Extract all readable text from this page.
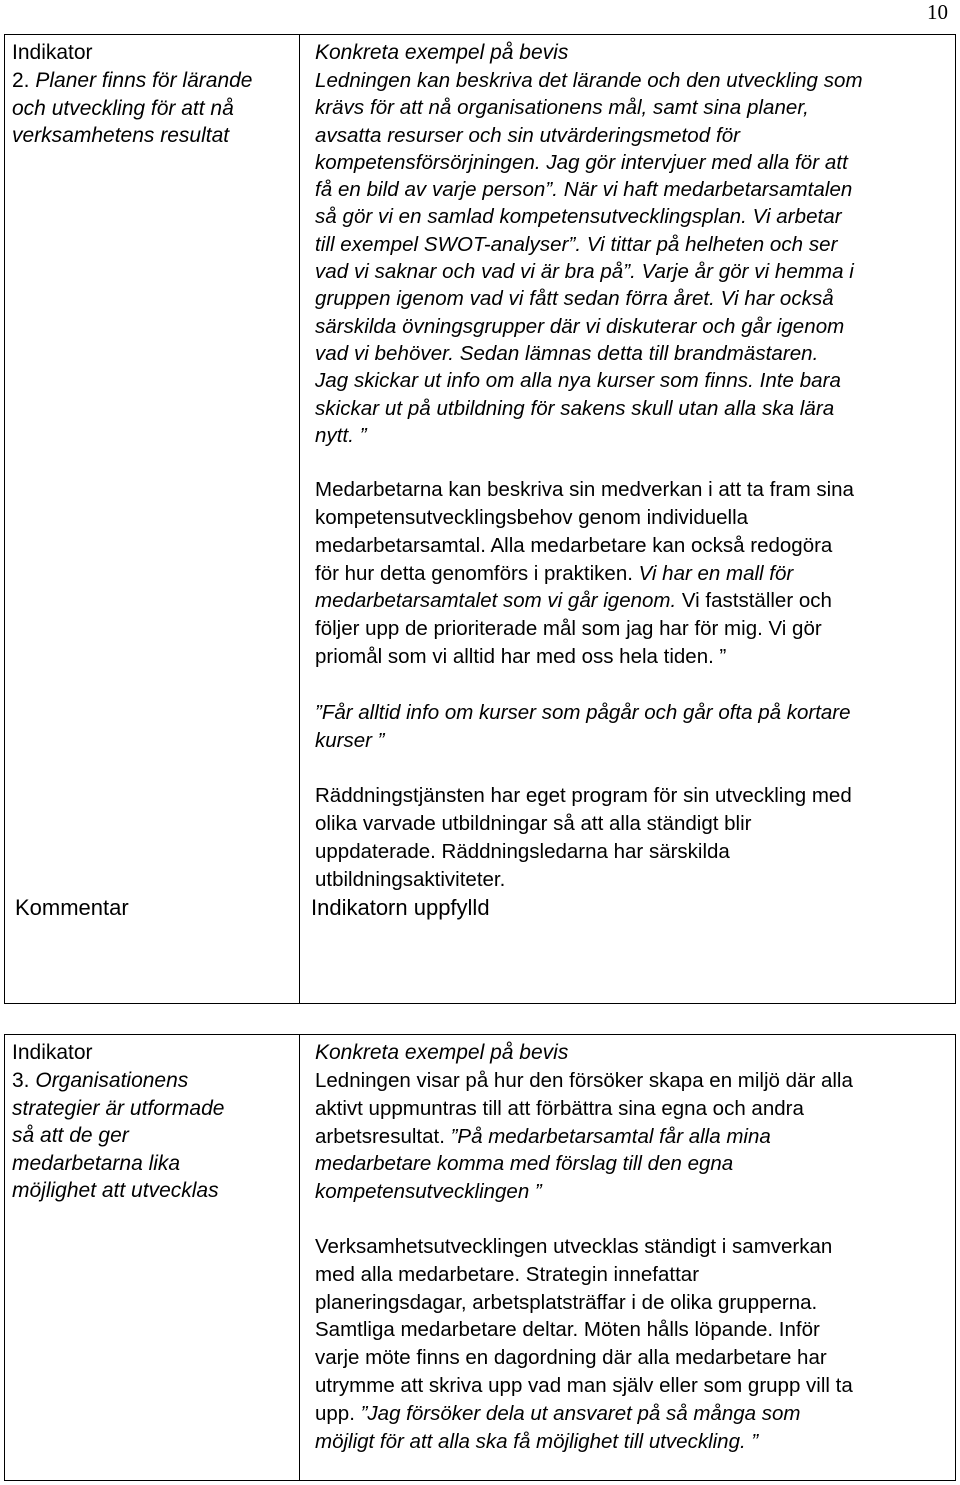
10

Indikator

2. Planer finns för lärande och utveckling för att nå verksamhetens resultat

Konkreta exempel på bevis

Ledningen kan beskriva det lärande och den utveckling som
krävs för att nå organisationens mål, samt sina planer,
avsatta resurser och sin utvärderingsmetod för
kompetensförsörjningen. Jag gör intervjuer med alla för att
få en bild av varje person”. När vi haft medarbetarsamtalen
så gör vi en samlad kompetensutvecklingsplan. Vi arbetar
till exempel SWOT-analyser”. Vi tittar på helheten och ser
vad vi saknar och vad vi är bra på”. Varje år gör vi hemma i
gruppen igenom vad vi fått sedan förra året. Vi har också
särskilda övningsgrupper där vi diskuterar och går igenom
vad vi behöver. Sedan lämnas detta till brandmästaren.
Jag skickar ut info om alla nya kurser som finns. Inte bara
skickar ut på utbildning för sakens skull utan alla ska lära
nytt. ”
Medarbetarna kan beskriva sin medverkan i att ta fram sina
kompetensutvecklingsbehov genom individuella
medarbetarsamtal. Alla medarbetare kan också redogöra
för hur detta genomförs i praktiken. Vi har en mall för
medarbetarsamtalet som vi går igenom. Vi fastställer och
följer upp de prioriterade mål som jag har för mig. Vi gör
priomål som vi alltid har med oss hela tiden. ”
”Får alltid info om kurser som pågår och går ofta på kortare
kurser ”
Räddningstjänsten har eget program för sin utveckling med
olika varvade utbildningar så att alla ständigt blir
uppdaterade. Räddningsledarna har särskilda
utbildningsaktiviteter.
Kommentar	Indikatorn uppfylld

Indikator

3. Organisationens
strategier är utformade
så att de ger
medarbetarna lika
möjlighet att utvecklas

Konkreta exempel på bevis

Ledningen visar på hur den försöker skapa en miljö där alla
aktivt uppmuntras till att förbättra sina egna och andra
arbetsresultat. ”På medarbetarsamtal får alla mina
medarbetare komma med förslag till den egna
kompetensutvecklingen ”
Verksamhetsutvecklingen utvecklas ständigt i samverkan
med alla medarbetare. Strategin innefattar
planeringsdagar, arbetsplatsträffar i de olika grupperna.
Samtliga medarbetare deltar. Möten hålls löpande. Inför
varje möte finns en dagordning där alla medarbetare har
utrymme att skriva upp vad man själv eller som grupp vill ta
upp. ”Jag försöker dela ut ansvaret på så många som
möjligt för att alla ska få möjlighet till utveckling. ”
